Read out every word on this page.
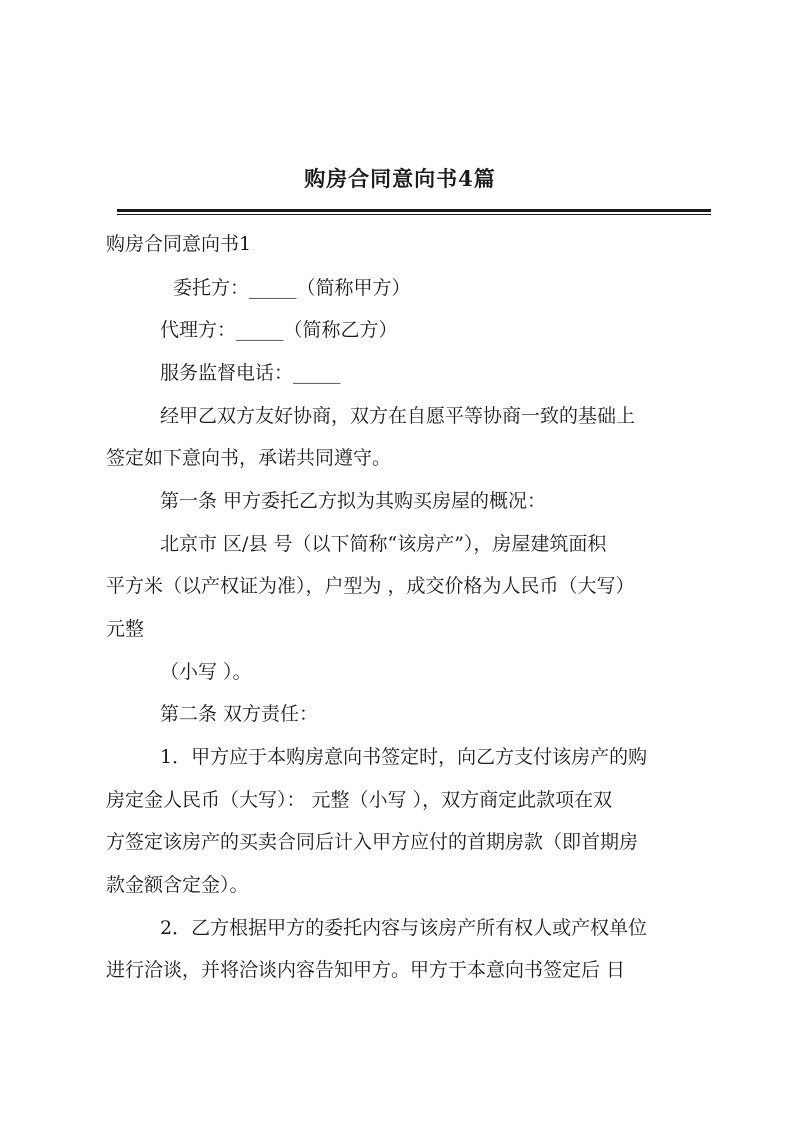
购房合同意向书4篇
购房合同意向书1
委托方：_____（简称甲方）
代理方：_____（简称乙方）
服务监督电话：_____
经甲乙双方友好协商，双方在自愿平等协商一致的基础上
签定如下意向书，承诺共同遵守。
第一条 甲方委托乙方拟为其购买房屋的概况：
北京市 区/县 号（以下简称“该房产”），房屋建筑面积
平方米（以产权证为准），户型为 ，成交价格为人民币（大写）
元整
（小写 ）。
第二条 双方责任：
1．甲方应于本购房意向书签定时，向乙方支付该房产的购
房定金人民币（大写）： 元整（小写 ），双方商定此款项在双
方签定该房产的买卖合同后计入甲方应付的首期房款（即首期房
款金额含定金）。
2．乙方根据甲方的委托内容与该房产所有权人或产权单位
进行洽谈，并将洽谈内容告知甲方。甲方于本意向书签定后 日
